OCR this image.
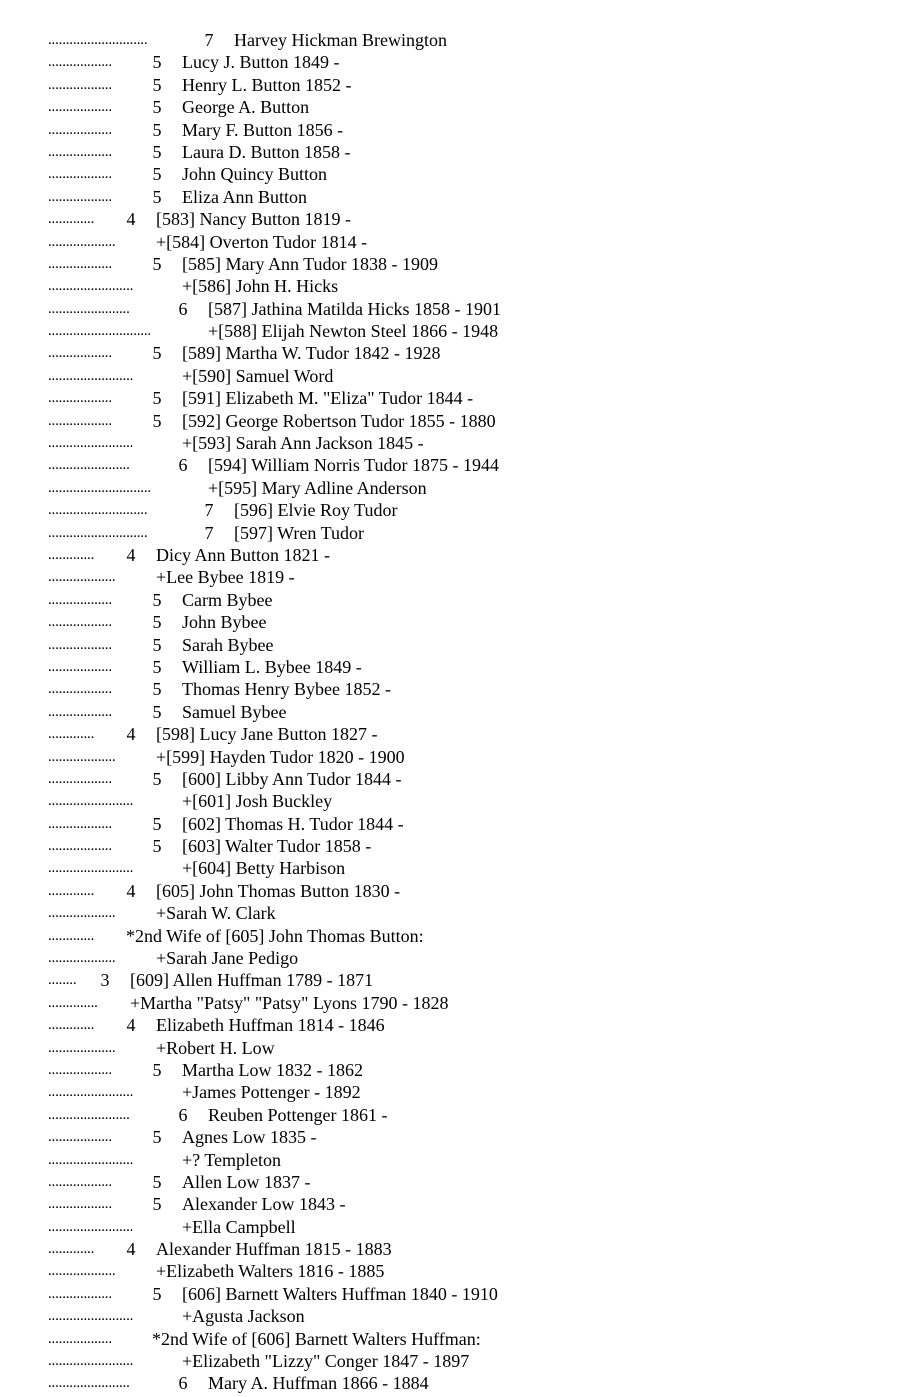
............................	7 Harvey Hickman Brewington
.................. 5 Lucy J. Button 1849 -
.................. 5 Henry L. Button 1852 -
.................. 5 George A. Button
.................. 5 Mary F. Button 1856 -
.................. 5 Laura D. Button 1858 -
.................. 5 John Quincy Button
.................. 5 Eliza Ann Button
............. 4 [583] Nancy Button 1819 -
................... +[584] Overton Tudor 1814 -
.................. 5 [585] Mary Ann Tudor 1838 - 1909
........................	+[586] John H. Hicks
.......................	6 [587] Jathina Matilda Hicks 1858 - 1901
.............................	+[588] Elijah Newton Steel 1866 - 1948
.................. 5 [589] Martha W. Tudor 1842 - 1928
........................	+[590] Samuel Word
.................. 5 [591] Elizabeth M. "Eliza" Tudor 1844 -
.................. 5 [592] George Robertson Tudor 1855 - 1880
........................	+[593] Sarah Ann Jackson 1845 -
.......................	6 [594] William Norris Tudor 1875 - 1944
.............................	+[595] Mary Adline Anderson
............................	7 [596] Elvie Roy Tudor
............................	7 [597] Wren Tudor
............. 4 Dicy Ann Button 1821 -
................... +Lee Bybee 1819 -
.................. 5 Carm Bybee
.................. 5 John Bybee
.................. 5 Sarah Bybee
.................. 5 William L. Bybee 1849 -
.................. 5 Thomas Henry Bybee 1852 -
.................. 5 Samuel Bybee
............. 4 [598] Lucy Jane Button 1827 -
................... +[599] Hayden Tudor 1820 - 1900
.................. 5 [600] Libby Ann Tudor 1844 -
........................	+[601] Josh Buckley
.................. 5 [602] Thomas H. Tudor 1844 -
.................. 5 [603] Walter Tudor 1858 -
........................	+[604] Betty Harbison
............. 4 [605] John Thomas Button 1830 -
................... +Sarah W. Clark
............. *2nd Wife of [605] John Thomas Button:
................... +Sarah Jane Pedigo
........ 3 [609] Allen Huffman 1789 - 1871
.............. +Martha "Patsy" "Patsy" Lyons 1790 - 1828
............. 4 Elizabeth Huffman 1814 - 1846
................... +Robert H. Low
.................. 5 Martha Low 1832 - 1862
........................	+James Pottenger - 1892
.......................	6 Reuben Pottenger 1861 -
.................. 5 Agnes Low 1835 -
........................	+? Templeton
.................. 5 Allen Low 1837 -
.................. 5 Alexander Low 1843 -
........................	+Ella Campbell
............. 4 Alexander Huffman 1815 - 1883
................... +Elizabeth Walters 1816 - 1885
.................. 5 [606] Barnett Walters Huffman 1840 - 1910
........................	+Agusta Jackson
.................. *2nd Wife of [606] Barnett Walters Huffman:
........................	+Elizabeth "Lizzy" Conger 1847 - 1897
.......................	6 Mary A. Huffman 1866 - 1884
